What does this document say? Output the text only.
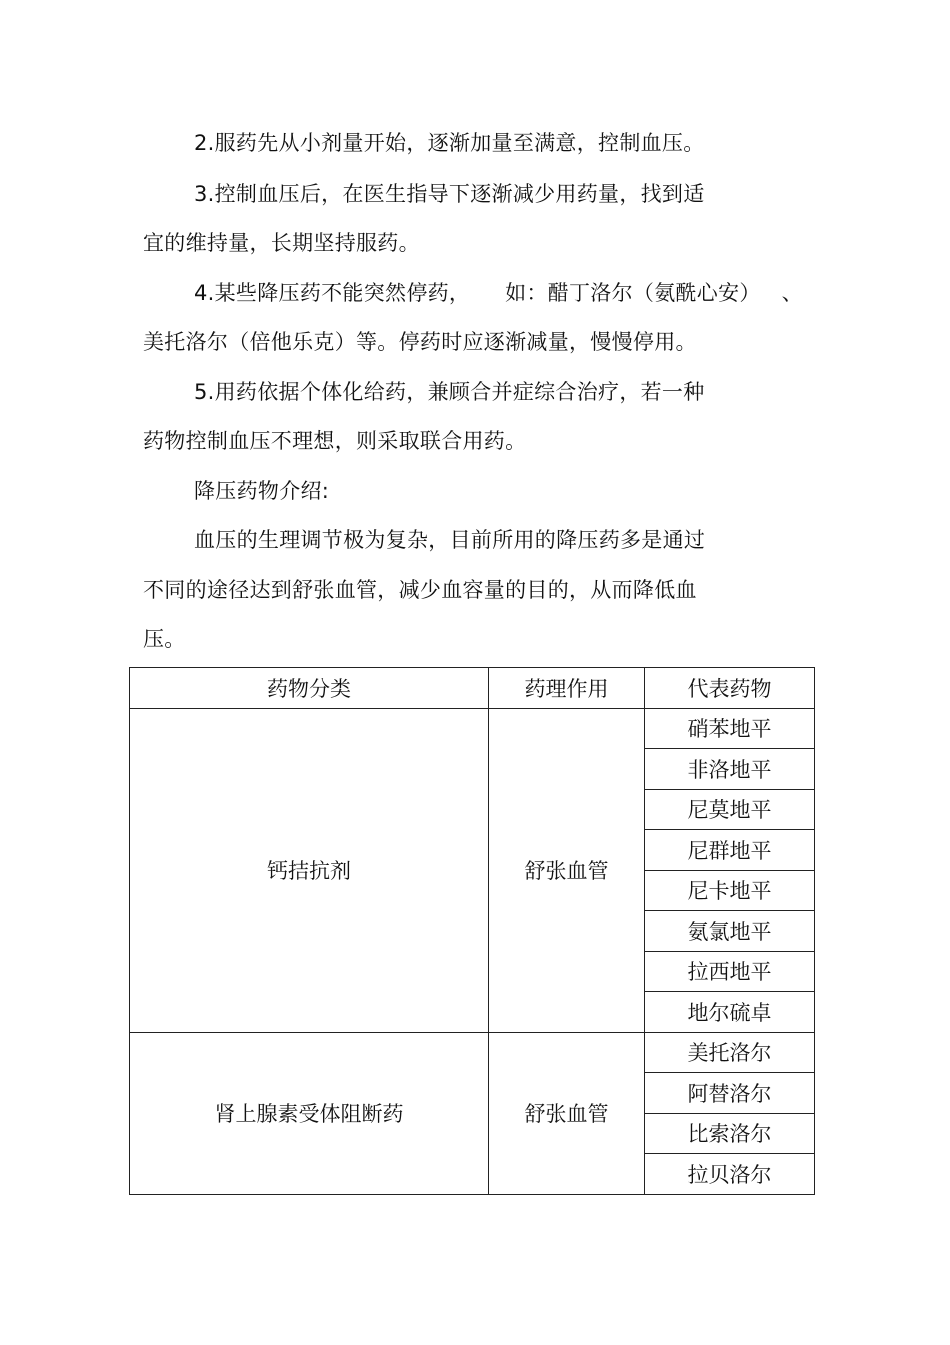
2.服药先从小剂量开始，逐渐加量至满意，控制血压。
3.控制血压后，在医生指导下逐渐减少用药量，找到适
宜的维持量，长期坚持服药。
4.某些降压药不能突然停药，     如：醋丁洛尔（氨酰心安）   、
美托洛尔（倍他乐克）等。停药时应逐渐减量，慢慢停用。
5.用药依据个体化给药，兼顾合并症综合治疗，若一种
药物控制血压不理想，则采取联合用药。
降压药物介绍:
血压的生理调节极为复杂，目前所用的降压药多是通过
不同的途径达到舒张血管，减少血容量的目的，从而降低血
压。
药物分类	药理作用	代表药物
钙拮抗剂	舒张血管	硝苯地平
		非洛地平
		尼莫地平
		尼群地平
		尼卡地平
		氨氯地平
		拉西地平
		地尔硫卓
肾上腺素受体阻断药	舒张血管	美托洛尔
		阿替洛尔
		比索洛尔
		拉贝洛尔
